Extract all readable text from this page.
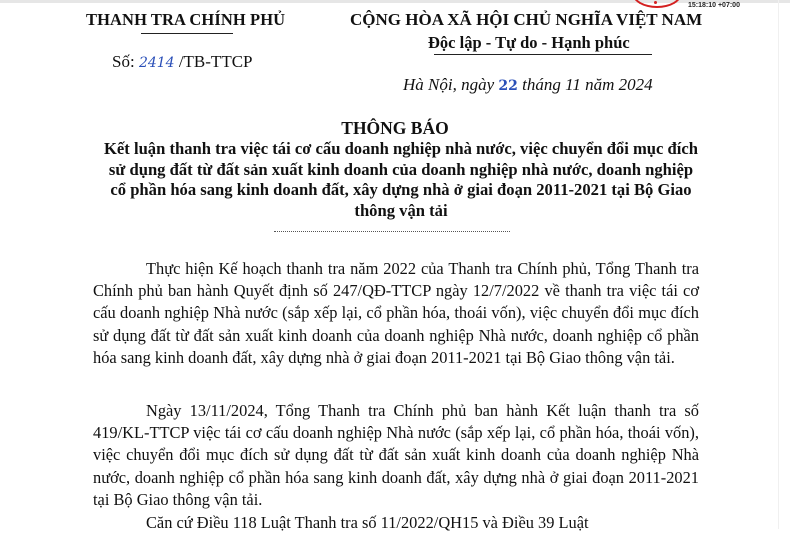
15:18:10 +07:00
THANH TRA CHÍNH PHỦ
Số: 2414 /TB-TTCP
CỘNG HÒA XÃ HỘI CHỦ NGHĨA VIỆT NAM
Độc lập - Tự do - Hạnh phúc
Hà Nội, ngày 22 tháng 11 năm 2024
THÔNG BÁO
Kết luận thanh tra việc tái cơ cấu doanh nghiệp nhà nước, việc chuyển đổi mục đích sử dụng đất từ đất sản xuất kinh doanh của doanh nghiệp nhà nước, doanh nghiệp cổ phần hóa sang kinh doanh đất, xây dựng nhà ở giai đoạn 2011-2021 tại Bộ Giao thông vận tải
Thực hiện Kế hoạch thanh tra năm 2022 của Thanh tra Chính phủ, Tổng Thanh tra Chính phủ ban hành Quyết định số 247/QĐ-TTCP ngày 12/7/2022 về thanh tra việc tái cơ cấu doanh nghiệp Nhà nước (sắp xếp lại, cổ phần hóa, thoái vốn), việc chuyển đổi mục đích sử dụng đất từ đất sản xuất kinh doanh của doanh nghiệp Nhà nước, doanh nghiệp cổ phần hóa sang kinh doanh đất, xây dựng nhà ở giai đoạn 2011-2021 tại Bộ Giao thông vận tải.
Ngày 13/11/2024, Tổng Thanh tra Chính phủ ban hành Kết luận thanh tra số 419/KL-TTCP việc tái cơ cấu doanh nghiệp Nhà nước (sắp xếp lại, cổ phần hóa, thoái vốn), việc chuyển đổi mục đích sử dụng đất từ đất sản xuất kinh doanh của doanh nghiệp Nhà nước, doanh nghiệp cổ phần hóa sang kinh doanh đất, xây dựng nhà ở giai đoạn 2011-2021 tại Bộ Giao thông vận tải.
Căn cứ Điều 118 Luật Thanh tra số 11/2022/QH15 và Điều 39 Luật
